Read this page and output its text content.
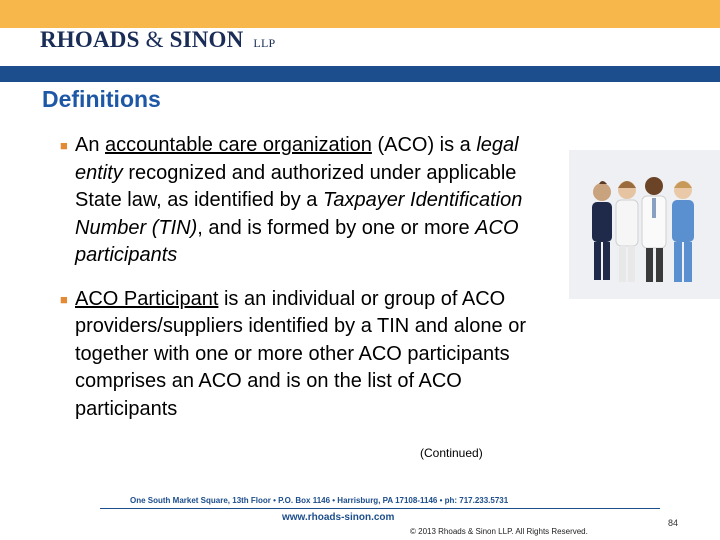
RHOADS & SINON LLP
Definitions
■ An accountable care organization (ACO) is a legal entity recognized and authorized under applicable State law, as identified by a Taxpayer Identification Number (TIN), and is formed by one or more ACO participants
■ ACO Participant is an individual or group of ACO providers/suppliers identified by a TIN and alone or together with one or more other ACO participants comprises an ACO and is on the list of ACO participants
(Continued)
One South Market Square, 13th Floor • P.O. Box 1146 • Harrisburg, PA 17108-1146 • ph: 717.233.5731
www.rhoads-sinon.com
© 2013 Rhoads & Sinon LLP. All Rights Reserved.
84
